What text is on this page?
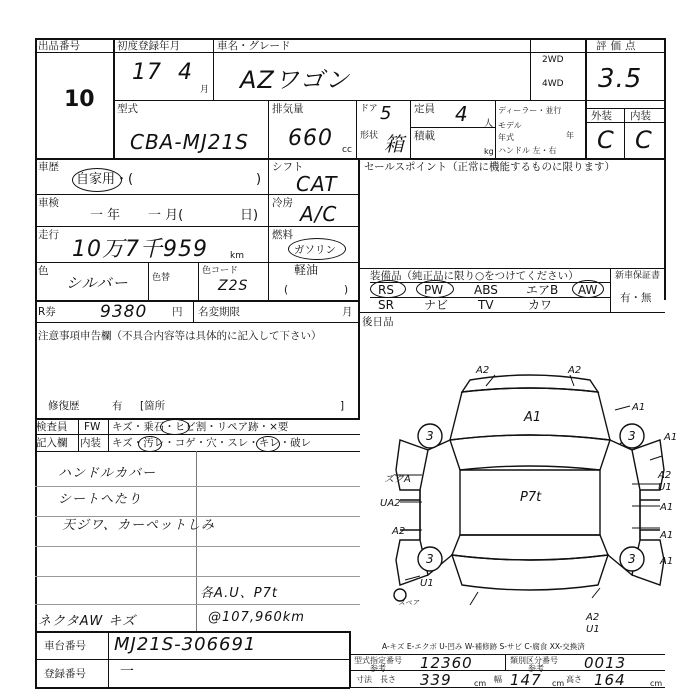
出品番号
10
初度登録年月
17 4
月
車名・グレード
AZワゴン
2WD
4WD
評価点
3.5
外装 内装
C C
型式
CBA-MJ21S
排気量
660 cc
ドア 5
形状 箱
定員 4 人
積載
kg
ディーラー・並行
モデル年式	年
ハンドル 左・右
車歴
自家用・(	)
車検
一 年 一 月(	日)
走行
10万7千959 km
色
シルバー	色替
色コード
Z2S
シフト
CAT
冷房 A/C
燃料
ガソリン
軽油
(	)
R券	9380 円 名変期限	月
セールスポイント（正常に機能するものに限ります）
装備品（純正品に限り○をつけてください）
RS	PW	ABS エアB AW
SR	ナビ TV	カワ
新車保証書
有・無
後日品
注意事項申告欄（不具合内容等は具体的に記入して下さい）
修復歴	有 [箇所	]
検査員 FW キズ・乗石・ヒビ割・リペア跡・×要
記入欄 内装 キズ・汚レ・コゲ・穴・スレ・キレ・破レ
ハンドルカバー
シートへたり
天ジワ、カーペットしみ
各A.U、P7t
@107,960km
ネクタAW キズ
車台番号 MJ21S-306691
登録番号 一
型式指定番号
参考 12360	類別区分番号
参考	0013
寸法 長さ 339	cm 幅 147 cm 高さ 164	cm
A2	A2
A1
A1
A1
A2
U1
A1
ズクA
UA2
A2
P7t
A1
A1
U1
A2
U1
スペア
3	3
3	3
A-キズ E-エクボ U-凹み W-補修跡 S-サビ C-腐食 XX-交換済
